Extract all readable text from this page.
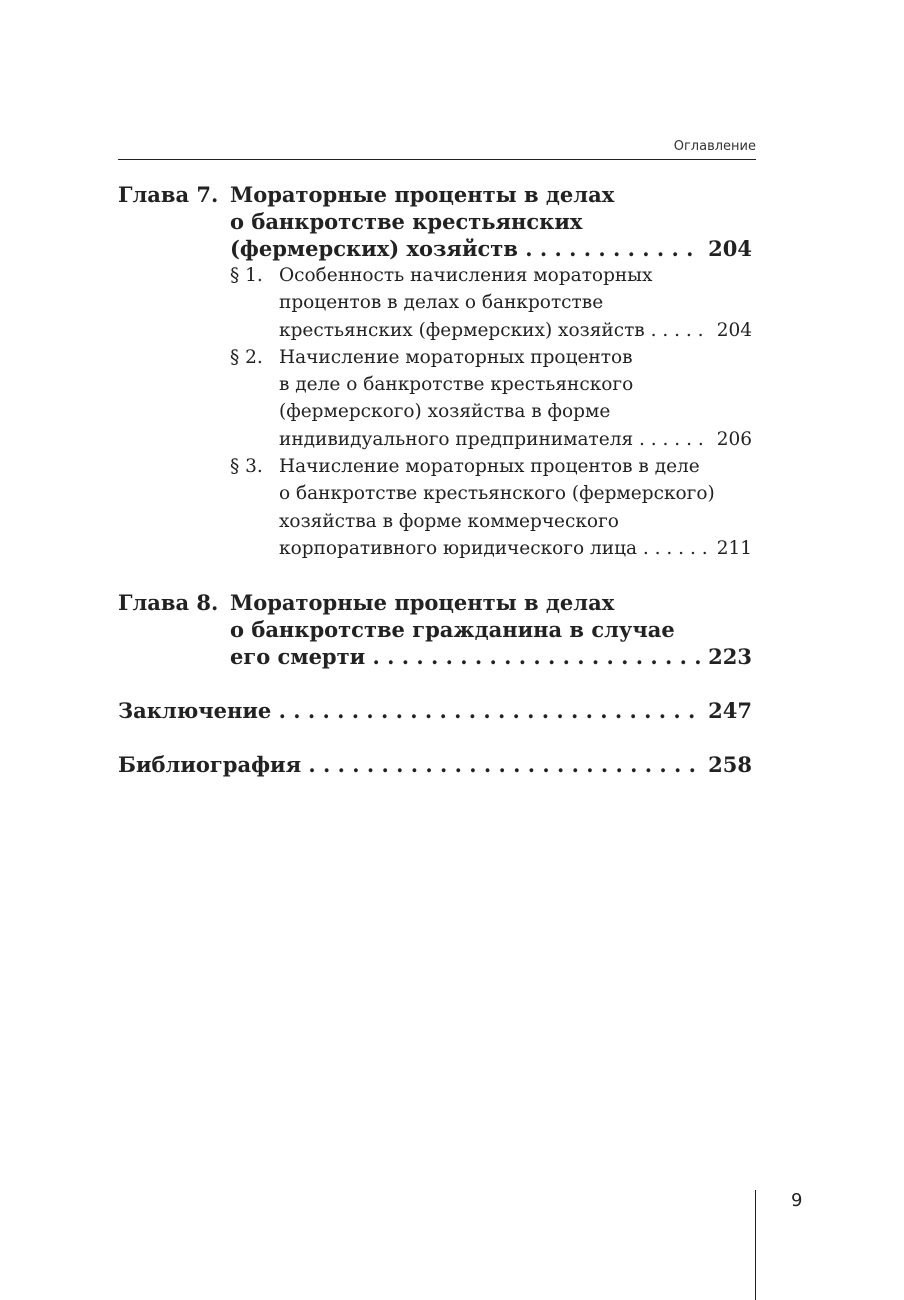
Оглавление
Глава 7. Мораторные проценты в делах
о банкротстве крестьянских
(фермерских) хозяйств . . .	204
§ 1. Особенность начисления мораторных
процентов в делах о банкротстве
крестьянских (фермерских) хозяйств . . .	204
§ 2. Начисление мораторных процентов
в деле о банкротстве крестьянского
(фермерского) хозяйства в форме
индивидуального предпринимателя . . .	206
§ 3. Начисление мораторных процентов в деле
о банкротстве крестьянского (фермерского)
хозяйства в форме коммерческого
корпоративного юридического лица . . .	211
Глава 8. Мораторные проценты в делах
о банкротстве гражданина в случае
его смерти . . .	223
Заключение . . .	247
Библиография . . .	258
9
